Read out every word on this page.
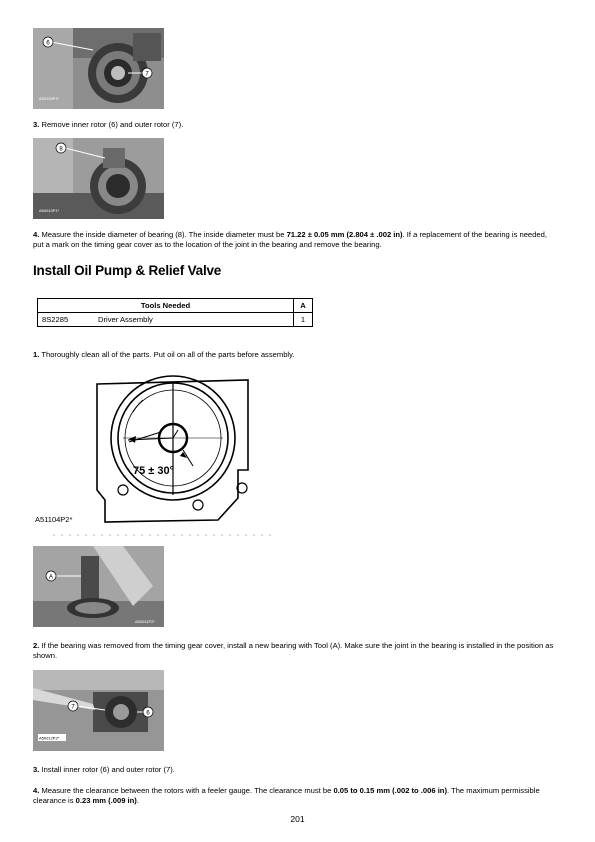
6
7
A50159P1*
3. Remove inner rotor (6) and outer rotor (7).
8
A50010P1*
4. Measure the inside diameter of bearing (8). The inside diameter must be 71.22 ± 0.05 mm (2.804 ± .002 in). If a replacement of the bearing is needed, put a mark on the timing gear cover as to the location of the joint in the bearing and remove the bearing.
Install Oil Pump & Relief Valve
Tools Needed		A
8S2285	Driver Assembly	1
1. Thoroughly clean all of the parts. Put oil on all of the parts before assembly.
75 ± 30°
A51104P2*
A
A50011P2*
2. If the bearing was removed from the timing gear cover, install a new bearing with Tool (A). Make sure the joint in the bearing is installed in the position as shown.
7
6
A50012P2*
3. Install inner rotor (6) and outer rotor (7).
4. Measure the clearance between the rotors with a feeler gauge. The clearance must be 0.05 to 0.15 mm (.002 to .006 in). The maximum permissible clearance is 0.23 mm (.009 in).
201
